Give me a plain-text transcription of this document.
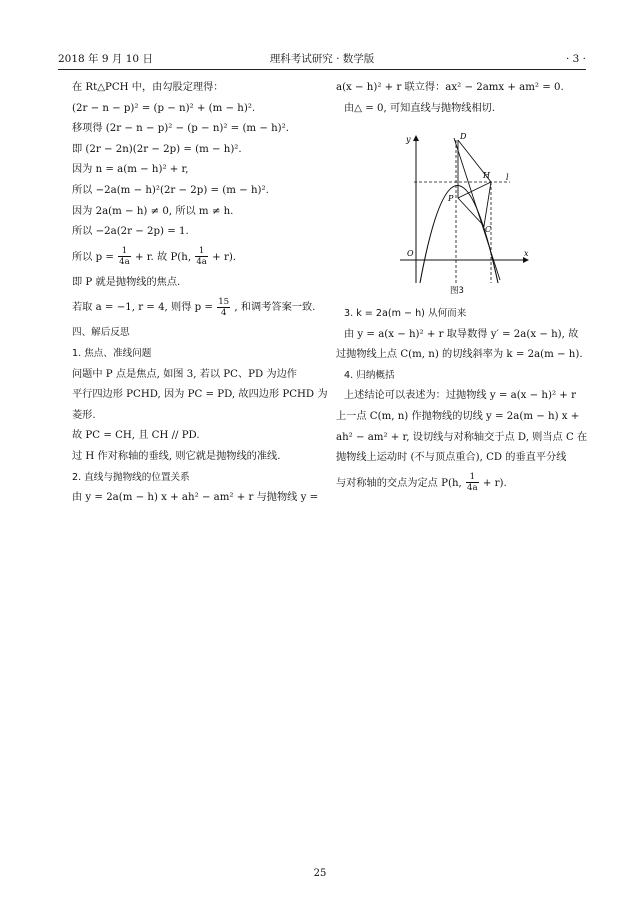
2018 年 9 月 10 日	理科考试研究 · 数学版	· 3 ·

在 Rt△PCH 中，由勾股定理得：

(2r − n − p)² = (p − n)² + (m − h)².

移项得 (2r − n − p)² − (p − n)² = (m − h)².

即 (2r − 2n)(2r − 2p) = (m − h)².

因为 n = a(m − h)² + r,

所以 −2a(m − h)²(2r − 2p) = (m − h)².

因为 2a(m − h) ≠ 0, 所以 m ≠ h.

所以 −2a(2r − 2p) = 1.

所以 $p = \frac{1}{4a} + r$. 故 P(h, $\frac{1}{4a} + r$).

即 P 就是抛物线的焦点.

若取 a = −1, r = 4, 则得 $p = \frac{15}{4}$ , 和调考答案一致.

四、解后反思

1. 焦点、准线问题

问题中 P 点是焦点, 如图 3, 若以 PC、PD 为边作

平行四边形 PCHD, 因为 PC = PD, 故四边形 PCHD 为

菱形.

故 PC = CH, 且 CH // PD.

过 H 作对称轴的垂线, 则它就是抛物线的准线.

2. 直线与抛物线的位置关系

由 y = 2a(m − h) x + ah² − am² + r 与抛物线 y =

a(x − h)² + r 联立得：ax² − 2amx + am² = 0.

由△ = 0, 可知直线与抛物线相切.

y
x
O
D
H l
P
C
图3

3. k = 2a(m − h) 从何而来

由 y = a(x − h)² + r 取导数得 y′ = 2a(x − h), 故

过抛物线上点 C(m, n) 的切线斜率为 k = 2a(m − h).

4. 归纳概括

上述结论可以表述为：过抛物线 y = a(x − h)² + r

上一点 C(m, n) 作抛物线的切线 y = 2a(m − h) x +

ah² − am² + r, 设切线与对称轴交于点 D, 则当点 C 在

抛物线上运动时 (不与顶点重合), CD 的垂直平分线

与对称轴的交点为定点 P(h, $\frac{1}{4a} + r$).

25
